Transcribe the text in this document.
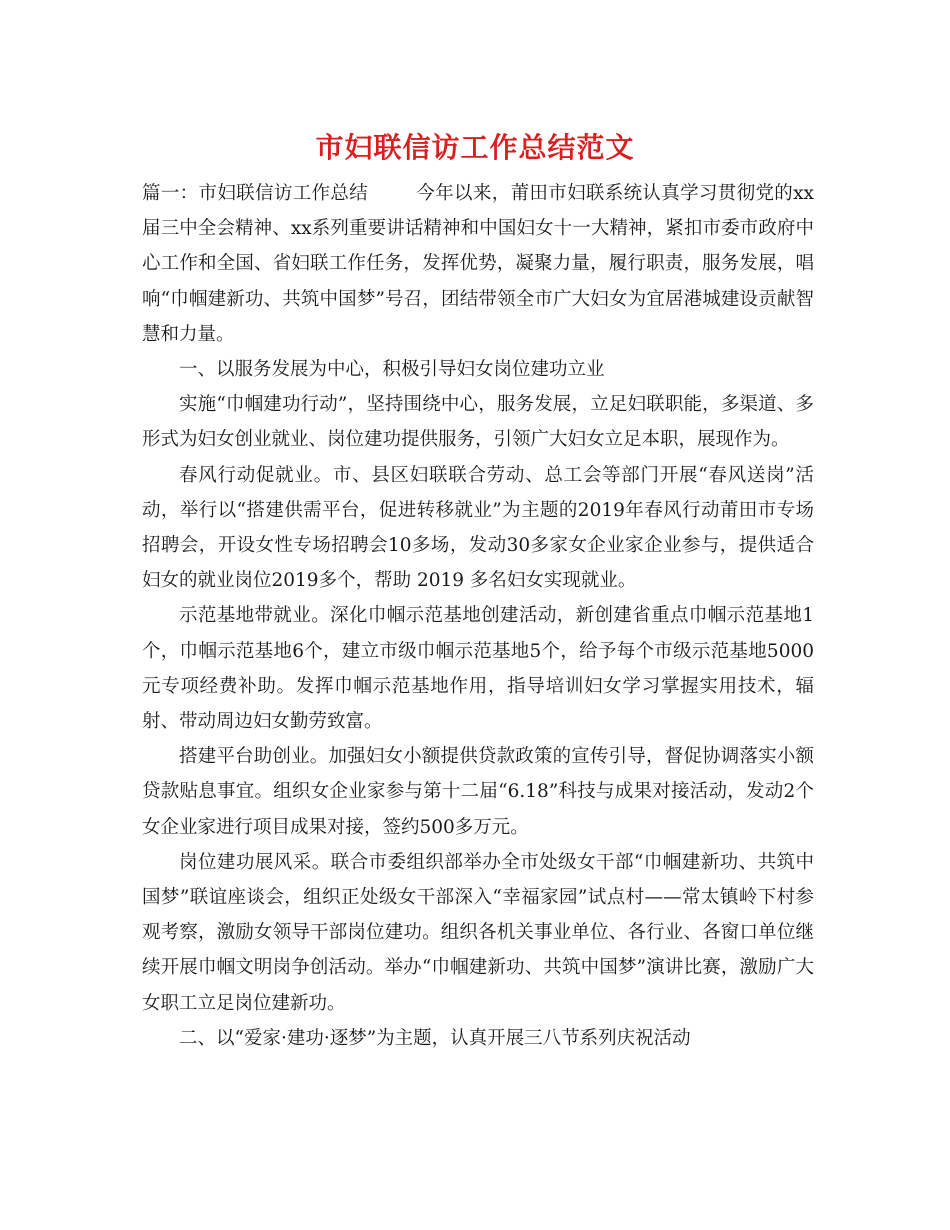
市妇联信访工作总结范文

篇一：市妇联信访工作总结	今年以来，莆田市妇联系统认真学习贯彻党的xx届三中全会精神、xx系列重要讲话精神和中国妇女十一大精神，紧扣市委市政府中心工作和全国、省妇联工作任务，发挥优势，凝聚力量，履行职责，服务发展，唱响“巾帼建新功、共筑中国梦”号召，团结带领全市广大妇女为宜居港城建设贡献智慧和力量。

一、以服务发展为中心，积极引导妇女岗位建功立业

实施“巾帼建功行动”，坚持围绕中心，服务发展，立足妇联职能，多渠道、多形式为妇女创业就业、岗位建功提供服务，引领广大妇女立足本职，展现作为。

春风行动促就业。市、县区妇联联合劳动、总工会等部门开展“春风送岗”活动，举行以“搭建供需平台，促进转移就业”为主题的2019年春风行动莆田市专场招聘会，开设女性专场招聘会10多场，发动30多家女企业家企业参与，提供适合妇女的就业岗位2019多个，帮助 2019 多名妇女实现就业。

示范基地带就业。深化巾帼示范基地创建活动，新创建省重点巾帼示范基地1个，巾帼示范基地6个，建立市级巾帼示范基地5个，给予每个市级示范基地5000元专项经费补助。发挥巾帼示范基地作用，指导培训妇女学习掌握实用技术，辐射、带动周边妇女勤劳致富。

搭建平台助创业。加强妇女小额提供贷款政策的宣传引导，督促协调落实小额贷款贴息事宜。组织女企业家参与第十二届“6.18”科技与成果对接活动，发动2个女企业家进行项目成果对接，签约500多万元。

岗位建功展风采。联合市委组织部举办全市处级女干部“巾帼建新功、共筑中国梦”联谊座谈会，组织正处级女干部深入“幸福家园”试点村——常太镇岭下村参观考察，激励女领导干部岗位建功。组织各机关事业单位、各行业、各窗口单位继续开展巾帼文明岗争创活动。举办“巾帼建新功、共筑中国梦”演讲比赛，激励广大女职工立足岗位建新功。

二、以“爱家·建功·逐梦”为主题，认真开展三八节系列庆祝活动
